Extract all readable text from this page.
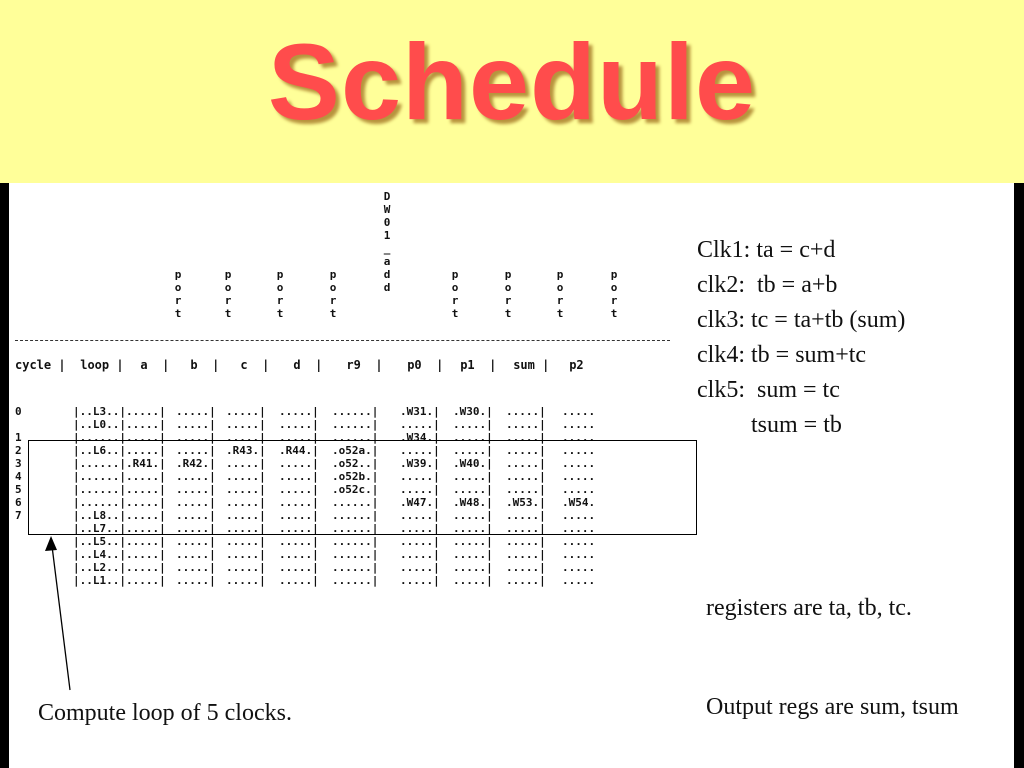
Schedule
p
o
r
t
p
o
r
t
p
o
r
t
p
o
r
t
D
W
0
1
_
a
d
d
p
o
r
t
p
o
r
t
p
o
r
t
p
o
r
t
cycle |	loop |	a  |	b  |	c  |	d  |	r9  |	p0  |	p1  |	sum |	p2
0	|..L3..|	.....|	.....|	.....|	.....|	......|	.W31.|	.W30.|	.....|	.....
	|..L0..|	.....|	.....|	.....|	.....|	......|	.....|	.....|	.....|	.....
1	|......|	.....|	.....|	.....|	.....|	......|	.W34.|	.....|	.....|	.....
2	|..L6..|	.....|	.....|	.R43.|	.R44.|	.o52a.|	.....|	.....|	.....|	.....
3	|......|	.R41.|	.R42.|	.....|	.....|	.o52..|	.W39.|	.W40.|	.....|	.....
4	|......|	.....|	.....|	.....|	.....|	.o52b.|	.....|	.....|	.....|	.....
5	|......|	.....|	.....|	.....|	.....|	.o52c.|	.....|	.....|	.....|	.....
6	|......|	.....|	.....|	.....|	.....|	......|	.W47.|	.W48.|	.W53.|	.W54.
7	|..L8..|	.....|	.....|	.....|	.....|	......|	.....|	.....|	.....|	.....
	|..L7..|	.....|	.....|	.....|	.....|	......|	.....|	.....|	.....|	.....
	|..L5..|	.....|	.....|	.....|	.....|	......|	.....|	.....|	.....|	.....
	|..L4..|	.....|	.....|	.....|	.....|	......|	.....|	.....|	.....|	.....
	|..L2..|	.....|	.....|	.....|	.....|	......|	.....|	.....|	.....|	.....
	|..L1..|	.....|	.....|	.....|	.....|	......|	.....|	.....|	.....|	.....
Compute loop of 5 clocks.
Clk1: ta = c+d
clk2:  tb = a+b
clk3: tc = ta+tb (sum)
clk4: tb = sum+tc
clk5:  sum = tc
tsum = tb
registers are ta, tb, tc.
Output regs are sum, tsum
